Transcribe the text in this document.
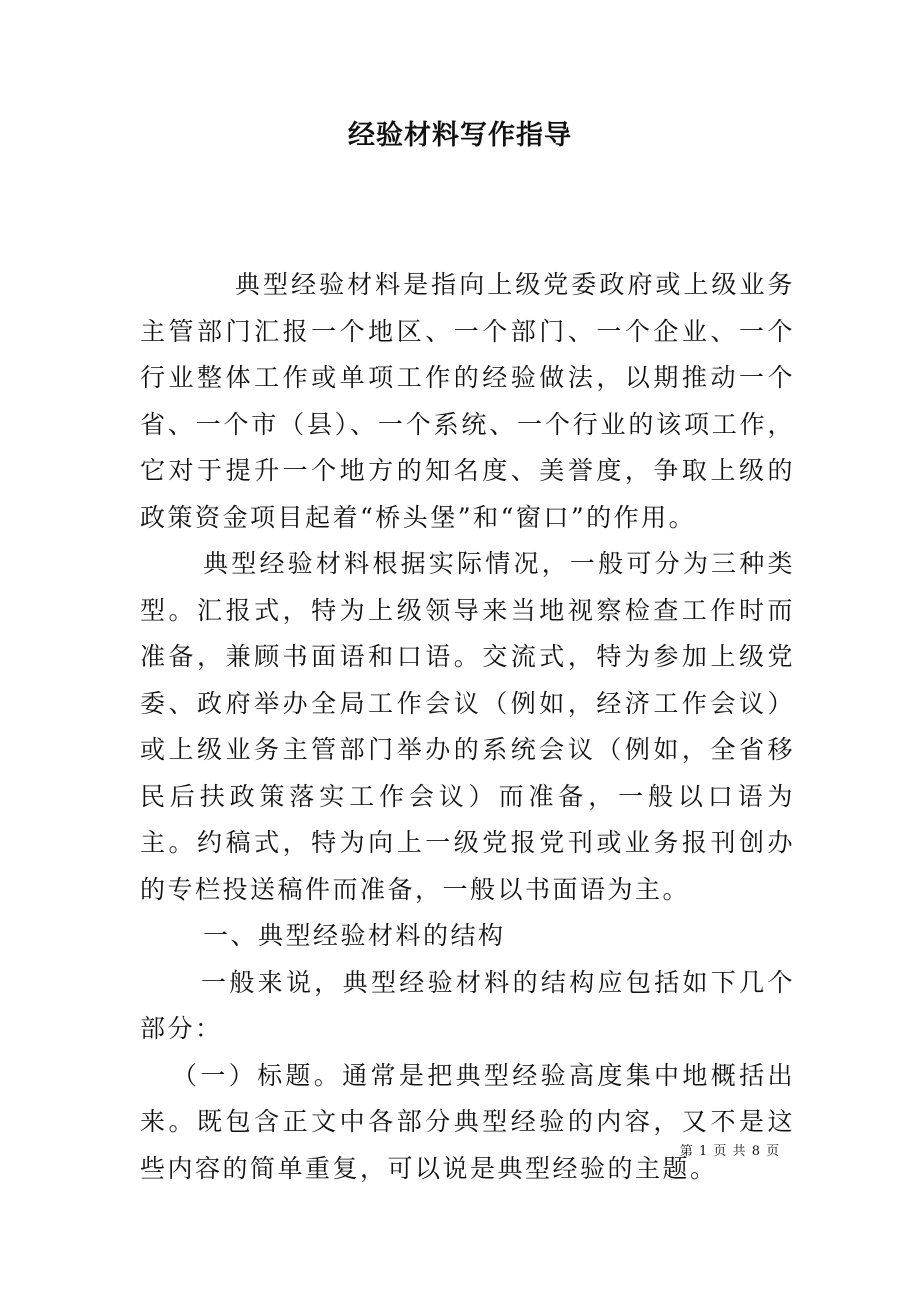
经验材料写作指导

典型经验材料是指向上级党委政府或上级业务主管部门汇报一个地区、一个部门、一个企业、一个行业整体工作或单项工作的经验做法，以期推动一个省、一个市（县）、一个系统、一个行业的该项工作，它对于提升一个地方的知名度、美誉度，争取上级的政策资金项目起着“桥头堡”和“窗口”的作用。

典型经验材料根据实际情况，一般可分为三种类型。汇报式，特为上级领导来当地视察检查工作时而准备，兼顾书面语和口语。交流式，特为参加上级党委、政府举办全局工作会议（例如，经济工作会议）或上级业务主管部门举办的系统会议（例如，全省移民后扶政策落实工作会议）而准备，一般以口语为主。约稿式，特为向上一级党报党刊或业务报刊创办的专栏投送稿件而准备，一般以书面语为主。

一、典型经验材料的结构

一般来说，典型经验材料的结构应包括如下几个部分：

（一）标题。通常是把典型经验高度集中地概括出来。既包含正文中各部分典型经验的内容，又不是这些内容的简单重复，可以说是典型经验的主题。

第 1 页 共 8 页
